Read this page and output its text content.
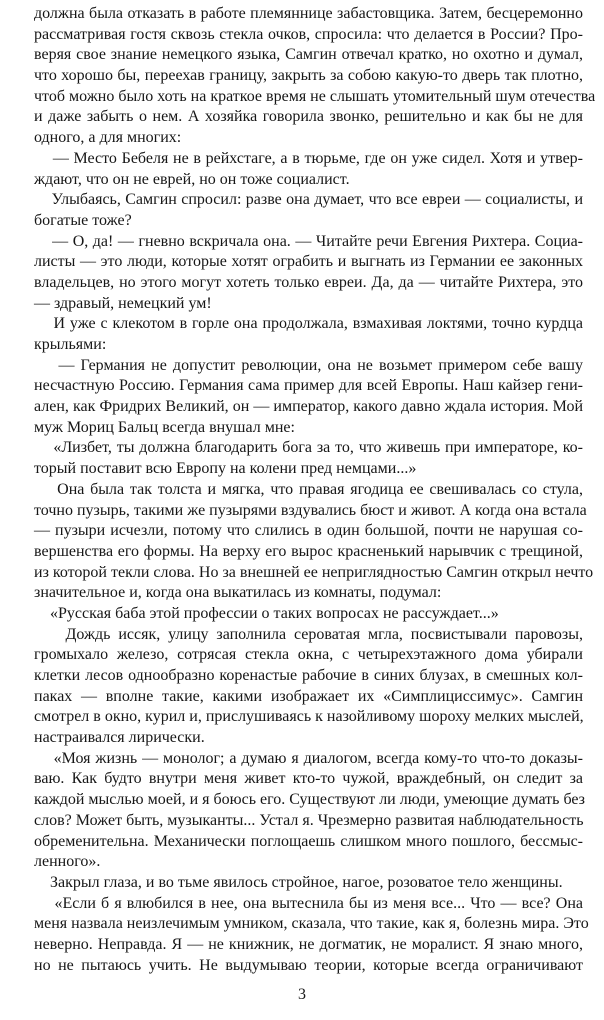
должна была отказать в работе племяннице забастовщика. Затем, бесцеремонно
рассматривая гостя сквозь стекла очков, спросила: что делается в России? Про-
веряя свое знание немецкого языка, Самгин отвечал кратко, но охотно и думал,
что хорошо бы, переехав границу, закрыть за собою какую-то дверь так плотно,
чтоб можно было хоть на краткое время не слышать утомительный шум отечества
и даже забыть о нем. А хозяйка говорила звонко, решительно и как бы не для
одного, а для многих:
— Место Бебеля не в рейхстаге, а в тюрьме, где он уже сидел. Хотя и утвер-
ждают, что он не еврей, но он тоже социалист.
Улыбаясь, Самгин спросил: разве она думает, что все евреи — социалисты, и
богатые тоже?
— О, да! — гневно вскричала она. — Читайте речи Евгения Рихтера. Социа-
листы — это люди, которые хотят ограбить и выгнать из Германии ее законных
владельцев, но этого могут хотеть только евреи. Да, да — читайте Рихтера, это
— здравый, немецкий ум!
И уже с клекотом в горле она продолжала, взмахивая локтями, точно курдца
крыльями:
— Германия не допустит революции, она не возьмет примером себе вашу
несчастную Россию. Германия сама пример для всей Европы. Наш кайзер гени-
ален, как Фридрих Великий, он — император, какого давно ждала история. Мой
муж Мориц Бальц всегда внушал мне:
«Лизбет, ты должна благодарить бога за то, что живешь при императоре, ко-
торый поставит всю Европу на колени пред немцами...»
Она была так толста и мягка, что правая ягодица ее свешивалась со стула,
точно пузырь, такими же пузырями вздувались бюст и живот. А когда она встала
— пузыри исчезли, потому что слились в один большой, почти не нарушая со-
вершенства его формы. На верху его вырос красненький нарывчик с трещиной,
из которой текли слова. Но за внешней ее неприглядностью Самгин открыл нечто
значительное и, когда она выкатилась из комнаты, подумал:
«Русская баба этой профессии о таких вопросах не рассуждает...»
Дождь иссяк, улицу заполнила сероватая мгла, посвистывали паровозы,
громыхало железо, сотрясая стекла окна, с четырехэтажного дома убирали
клетки лесов однообразно коренастые рабочие в синих блузах, в смешных кол-
паках — вполне такие, какими изображает их «Симплициссимус». Самгин
смотрел в окно, курил и, прислушиваясь к назойливому шороху мелких мыслей,
настраивался лирически.
«Моя жизнь — монолог; а думаю я диалогом, всегда кому-то что-то доказы-
ваю. Как будто внутри меня живет кто-то чужой, враждебный, он следит за
каждой мыслью моей, и я боюсь его. Существуют ли люди, умеющие думать без
слов? Может быть, музыканты... Устал я. Чрезмерно развитая наблюдательность
обременительна. Механически поглощаешь слишком много пошлого, бессмыс-
ленного».
Закрыл глаза, и во тьме явилось стройное, нагое, розоватое тело женщины.
«Если б я влюбился в нее, она вытеснила бы из меня все... Что — все? Она
меня назвала неизлечимым умником, сказала, что такие, как я, болезнь мира. Это
неверно. Неправда. Я — не книжник, не догматик, не моралист. Я знаю много,
но не пытаюсь учить. Не выдумываю теории, которые всегда ограничивают
3
